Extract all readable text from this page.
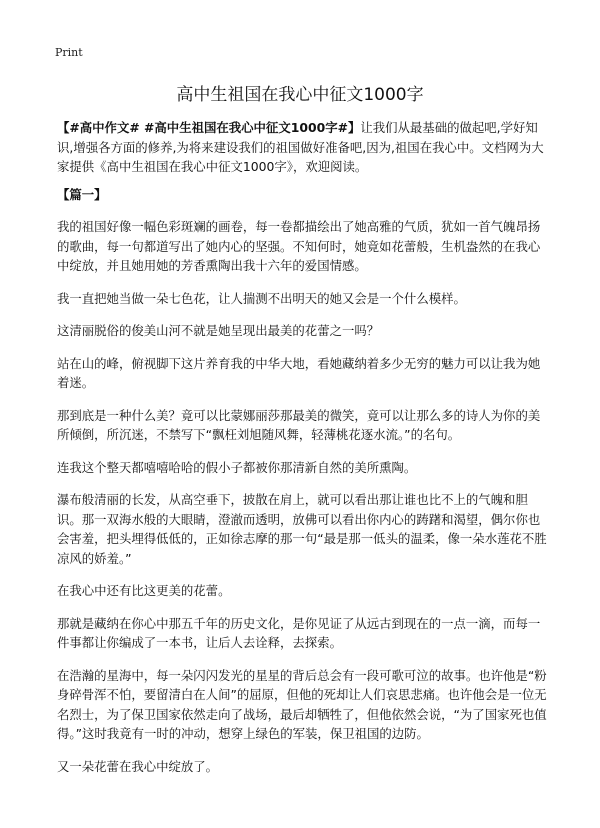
Print
高中生祖国在我心中征文1000字

【#高中作文# #高中生祖国在我心中征文1000字#】让我们从最基础的做起吧,学好知识,增强各方面的修养,为将来建设我们的祖国做好准备吧,因为,祖国在我心中。文档网为大家提供《高中生祖国在我心中征文1000字》，欢迎阅读。

【篇一】

我的祖国好像一幅色彩斑斓的画卷，每一卷都描绘出了她高雅的气质，犹如一首气魄昂扬的歌曲，每一句都道写出了她内心的坚强。不知何时，她竟如花蕾般，生机盎然的在我心中绽放，并且她用她的芳香熏陶出我十六年的爱国情感。

我一直把她当做一朵七色花，让人揣测不出明天的她又会是一个什么模样。

这清丽脱俗的俊美山河不就是她呈现出最美的花蕾之一吗？

站在山的峰，俯视脚下这片养育我的中华大地，看她藏纳着多少无穷的魅力可以让我为她着迷。

那到底是一种什么美？竟可以比蒙娜丽莎那最美的微笑，竟可以让那么多的诗人为你的美所倾倒，所沉迷，不禁写下“飘枉刘旭随风舞，轻薄桃花逐水流。”的名句。

连我这个整天都嘻嘻哈哈的假小子都被你那清新自然的美所熏陶。

瀑布般清丽的长发，从高空垂下，披散在肩上，就可以看出那让谁也比不上的气魄和胆识。那一双海水般的大眼睛，澄澈而透明，放佛可以看出你内心的踌躇和渴望，偶尔你也会害羞，把头埋得低低的，正如徐志摩的那一句“最是那一低头的温柔，像一朵水莲花不胜凉风的娇羞。”

在我心中还有比这更美的花蕾。

那就是藏纳在你心中那五千年的历史文化，是你见证了从远古到现在的一点一滴，而每一件事都让你编成了一本书，让后人去诠释，去探索。

在浩瀚的星海中，每一朵闪闪发光的星星的背后总会有一段可歌可泣的故事。也许他是“粉身碎骨浑不怕，要留清白在人间”的屈原，但他的死却让人们哀思悲痛。也许他会是一位无名烈士，为了保卫国家依然走向了战场，最后却牺牲了，但他依然会说，“为了国家死也值得。”这时我竟有一时的冲动，想穿上绿色的军装，保卫祖国的边防。

又一朵花蕾在我心中绽放了。
